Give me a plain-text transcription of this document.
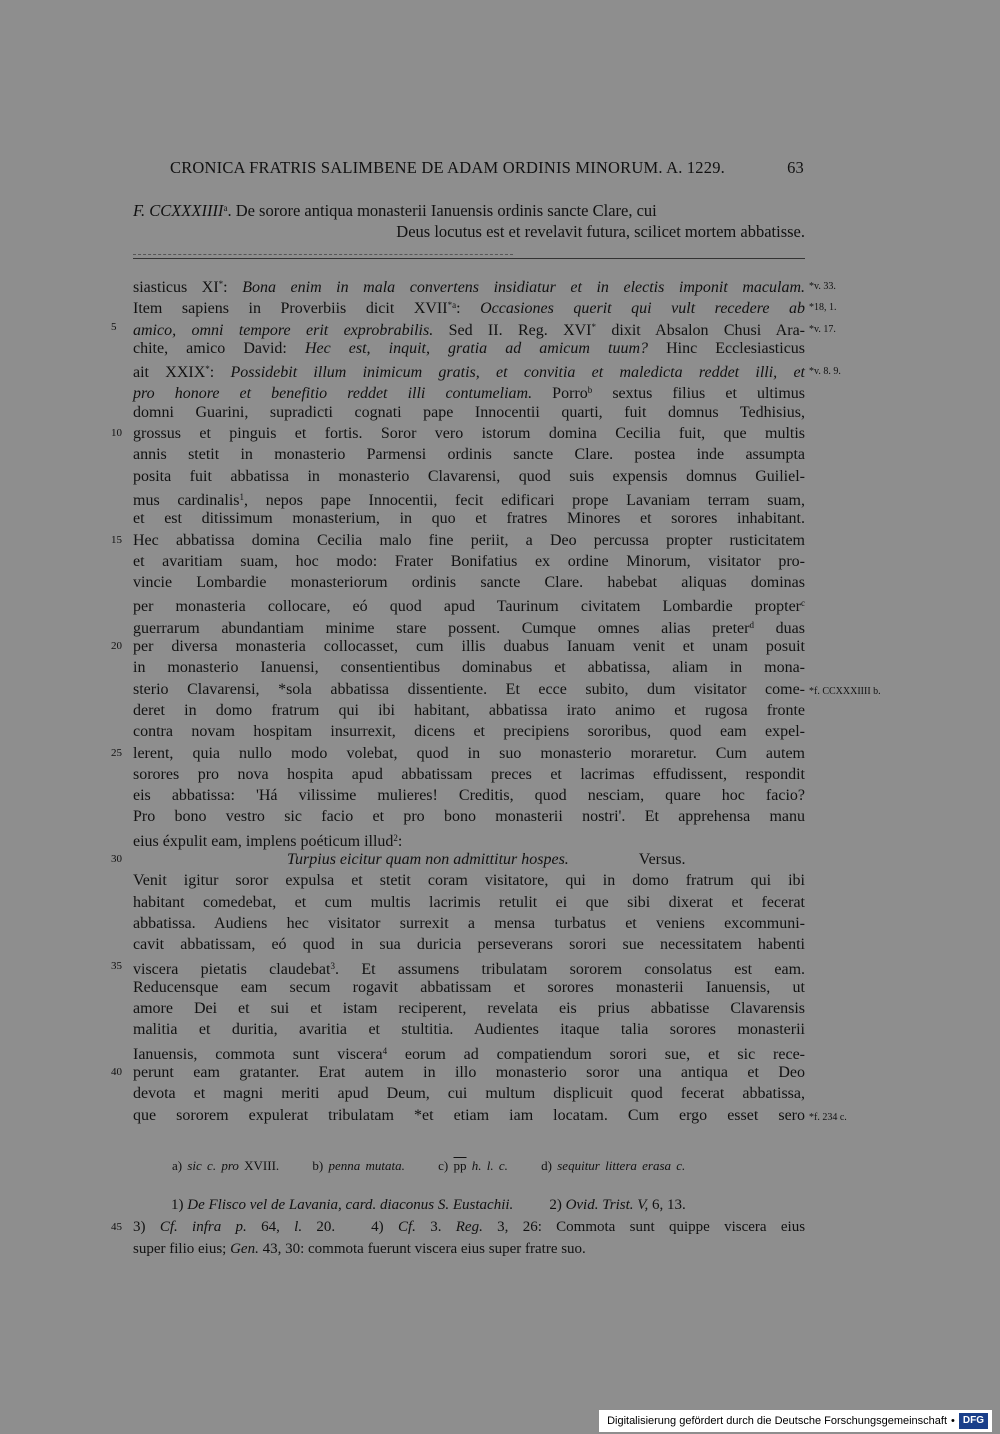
CRONICA FRATRIS SALIMBENE DE ADAM ORDINIS MINORUM. A. 1229.	63
F. CCXXXIIII$^a$. De sorore antiqua monasterii Ianuensis ordinis sancte Clare, cui
Deus locutus est et revelavit futura, scilicet mortem abbatisse.
siasticus XI*: Bona enim in mala convertens insidiatur et in electis imponit maculam. *v. 33.
Item sapiens in Proverbiis dicit XVII$^{*a}$: Occasiones querit qui vult recedere ab *18, 1.
5	amico, omni tempore erit exprobrabilis. Sed II. Reg. XVI* dixit Absalon Chusi Ara- *v. 17.
chite, amico David: Hec est, inquit, gratia ad amicum tuum? Hinc Ecclesiasticus
ait XXIX*: Possidebit illum inimicum gratis, et convitia et maledicta reddet illi, et *v. 8. 9.
pro honore et benefitio reddet illi contumeliam. Porro$^b$ sextus filius et ultimus
domni Guarini, supradicti cognati pape Innocentii quarti, fuit domnus Tedhisius,
10 grossus et pinguis et fortis. Soror vero istorum domina Cecilia fuit, que multis
annis stetit in monasterio Parmensi ordinis sancte Clare. postea inde assumpta
posita fuit abbatissa in monasterio Clavarensi, quod suis expensis domnus Guiliel-
mus cardinalis$^1$, nepos pape Innocentii, fecit edificari prope Lavaniam terram suam,
et est ditissimum monasterium, in quo et fratres Minores et sorores inhabitant.
15 Hec abbatissa domina Cecilia malo fine periit, a Deo percussa propter rusticitatem
et avaritiam suam, hoc modo: Frater Bonifatius ex ordine Minorum, visitator pro-
vincie Lombardie monasteriorum ordinis sancte Clare. habebat aliquas dominas
per monasteria collocare, eó quod apud Taurinum civitatem Lombardie propter$^c$
guerrarum abundantiam minime stare possent. Cumque omnes alias preter$^d$ duas
20 per diversa monasteria collocasset, cum illis duabus Ianuam venit et unam posuit
in monasterio Ianuensi, consentientibus dominabus et abbatissa, aliam in mona-
sterio Clavarensi, *sola abbatissa dissentiente. Et ecce subito, dum visitator come- *f. CCXXXIIII b.
deret in domo fratrum qui ibi habitant, abbatissa irato animo et rugosa fronte
contra novam hospitam insurrexit, dicens et precipiens sororibus, quod eam expel-
25 lerent, quia nullo modo volebat, quod in suo monasterio moraretur. Cum autem
sorores pro nova hospita apud abbatissam preces et lacrimas effudissent, respondit
eis abbatissa: 'Há vilissime mulieres! Creditis, quod nesciam, quare hoc facio?
Pro bono vestro sic facio et pro bono monasterii nostri'. Et apprehensa manu
eius éxpulit eam, implens poéticum illud$^2$:
30	Turpius eicitur quam non admittitur hospes.	Versus.
Venit igitur soror expulsa et stetit coram visitatore, qui in domo fratrum qui ibi
habitant comedebat, et cum multis lacrimis retulit ei que sibi dixerat et fecerat
abbatissa. Audiens hec visitator surrexit a mensa turbatus et veniens excommuni-
cavit abbatissam, eó quod in sua duricia perseverans sorori sue necessitatem habenti
35 viscera pietatis claudebat$^3$. Et assumens tribulatam sororem consolatus est eam.
Reducensque eam secum rogavit abbatissam et sorores monasterii Ianuensis, ut
amore Dei et sui et istam reciperent, revelata eis prius abbatisse Clavarensis
malitia et duritia, avaritia et stultitia. Audientes itaque talia sorores monasterii
Ianuensis, commota sunt viscera$^4$ eorum ad compatiendum sorori sue, et sic rece-
40 perunt eam gratanter. Erat autem in illo monasterio soror una antiqua et Deo
devota et magni meriti apud Deum, cui multum displicuit quod fecerat abbatissa,
que sororem expulerat tribulatam *et etiam iam locatam. Cum ergo esset sero *f. 234 c.
a) sic c. pro XVIII.	b) penna mutata.	c) $\overline{pp}$ h. l. c.	d) sequitur littera erasa c.
1) De Flisco vel de Lavania, card. diaconus S. Eustachii. 2) Ovid. Trist. V, 6, 13.
45 3) Cf. infra p. 64, l. 20. 4) Cf. 3. Reg. 3, 26: Commota sunt quippe viscera eius
super filio eius; Gen. 43, 30: commota fuerunt viscera eius super fratre suo.
Digitalisierung gefördert durch die Deutsche Forschungsgemeinschaft • DFG
